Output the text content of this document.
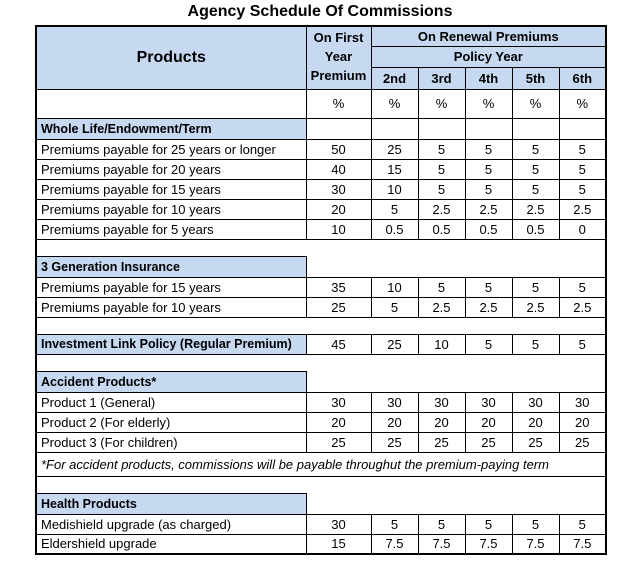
Agency Schedule Of Commissions
Products	On First Year Premium	On Renewal Premiums				
		Policy Year				
		2nd	3rd	4th	5th	6th
	%	%	%	%	%	%
Whole Life/Endowment/Term						
Premiums payable for 25 years or longer	50	25	5	5	5	5
Premiums payable for 20 years	40	15	5	5	5	5
Premiums payable for 15 years	30	10	5	5	5	5
Premiums payable for 10 years	20	5	2.5	2.5	2.5	2.5
Premiums payable for 5 years	10	0.5	0.5	0.5	0.5	0

3 Generation Insurance						
Premiums payable for 15 years	35	10	5	5	5	5
Premiums payable for 10 years	25	5	2.5	2.5	2.5	2.5

Investment Link Policy (Regular Premium)	45	25	10	5	5	5

Accident Products*						
Product 1 (General)	30	30	30	30	30	30
Product 2 (For elderly)	20	20	20	20	20	20
Product 3 (For children)	25	25	25	25	25	25
*For accident products, commissions will be payable throughut the premium-paying term						

Health Products						
Medishield upgrade (as charged)	30	5	5	5	5	5
Eldershield upgrade	15	7.5	7.5	7.5	7.5	7.5
